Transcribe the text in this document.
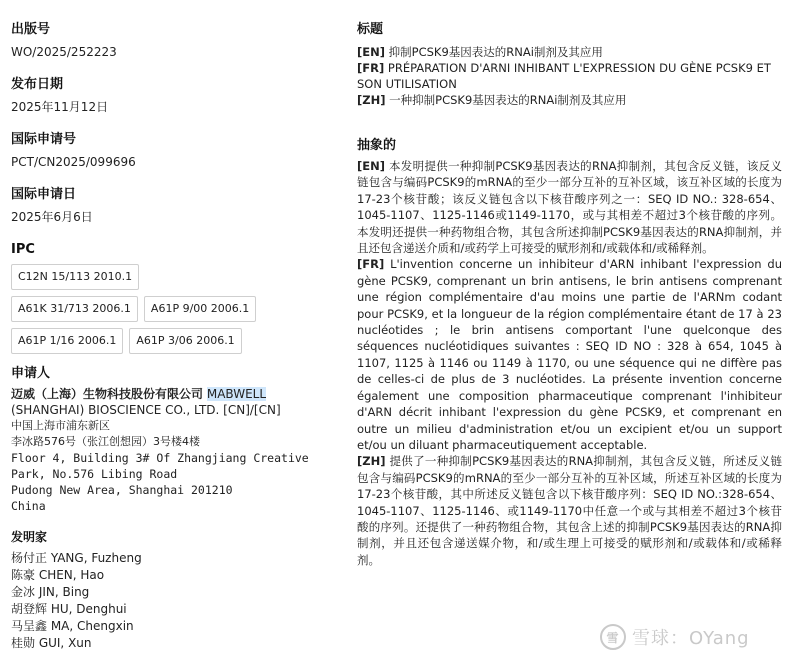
出版号
WO/2025/252223
发布日期
2025年11月12日
国际申请号
PCT/CN2025/099696
国际申请日
2025年6月6日
IPC
C12N 15/113 2010.1
A61K 31/713 2006.1	A61P 9/00 2006.1
A61P 1/16 2006.1	A61P 3/06 2006.1
申请人
迈威（上海）生物科技股份有限公司 MABWELL (SHANGHAI) BIOSCIENCE CO., LTD. [CN]/[CN]
中国上海市浦东新区
李冰路576号（张江创想园）3号楼4楼
Floor 4, Building 3# Of Zhangjiang Creative
Park, No.576 Libing Road
Pudong New Area, Shanghai 201210
China
发明家
杨付正 YANG, Fuzheng
陈豪 CHEN, Hao
金冰 JIN, Bing
胡登辉 HU, Denghui
马呈鑫 MA, Chengxin
桂勋 GUI, Xun
标题
[EN] 抑制PCSK9基因表达的RNAi制剂及其应用
[FR] PRÉPARATION D'ARNI INHIBANT L'EXPRESSION DU GÈNE PCSK9 ET SON UTILISATION
[ZH] 一种抑制PCSK9基因表达的RNAi制剂及其应用
抽象的
[EN] 本发明提供一种抑制PCSK9基因表达的RNA抑制剂，其包含反义链，该反义链包含与编码PCSK9的mRNA的至少一部分互补的互补区域，该互补区域的长度为17-23个核苷酸；该反义链包含以下核苷酸序列之一：SEQ ID NO.: 328-654、1045-1107、1125-1146或1149-1170，或与其相差不超过3个核苷酸的序列。本发明还提供一种药物组合物，其包含所述抑制PCSK9基因表达的RNA抑制剂，并且还包含递送介质和/或药学上可接受的赋形剂和/或载体和/或稀释剂。
[FR] L'invention concerne un inhibiteur d'ARN inhibant l'expression du gène PCSK9, comprenant un brin antisens, le brin antisens comprenant une région complémentaire d'au moins une partie de l'ARNm codant pour PCSK9, et la longueur de la région complémentaire étant de 17 à 23 nucléotides ; le brin antisens comportant l'une quelconque des séquences nucléotidiques suivantes : SEQ ID NO : 328 à 654, 1045 à 1107, 1125 à 1146 ou 1149 à 1170, ou une séquence qui ne diffère pas de celles-ci de plus de 3 nucléotides. La présente invention concerne également une composition pharmaceutique comprenant l'inhibiteur d'ARN décrit inhibant l'expression du gène PCSK9, et comprenant en outre un milieu d'administration et/ou un excipient et/ou un support et/ou un diluant pharmaceutiquement acceptable.
[ZH] 提供了一种抑制PCSK9基因表达的RNA抑制剂，其包含反义链，所述反义链包含与编码PCSK9的mRNA的至少一部分互补的互补区域，所述互补区域的长度为17-23个核苷酸，其中所述反义链包含以下核苷酸序列：SEQ ID NO.:328-654、1045-1107、1125-1146、或1149-1170中任意一个或与其相差不超过3个核苷酸的序列。还提供了一种药物组合物，其包含上述的抑制PCSK9基因表达的RNA抑制剂，并且还包含递送媒介物，和/或生理上可接受的赋形剂和/或载体和/或稀释剂。
雪 雪球：OYang
